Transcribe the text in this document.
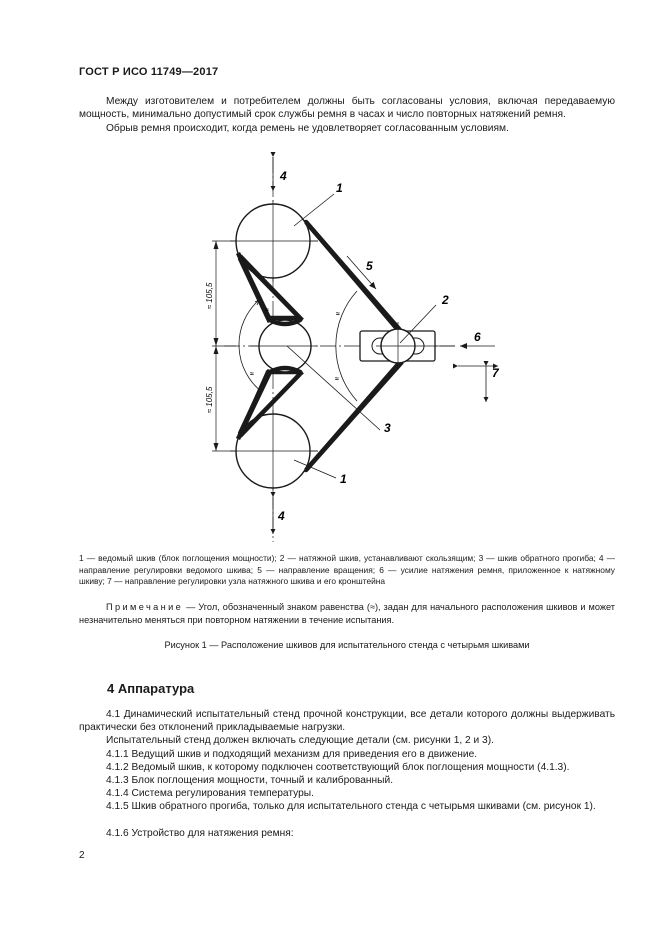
ГОСТ Р ИСО 11749—2017
Между изготовителем и потребителем должны быть согласованы условия, включая передаваемую мощность, минимально допустимый срок службы ремня в часах и число повторных натяжений ремня.
Обрыв ремня происходит, когда ремень не удовлетворяет согласованным условиям.
≈ 105,5
≈ 105,5
4
1
5
2
6
7
3
1
4
≈
≈
≈
≈
1 — ведомый шкив (блок поглощения мощности); 2 — натяжной шкив, устанавливают скользящим; 3 — шкив обратного прогиба; 4 — направление регулировки ведомого шкива; 5 — направление вращения; 6 — усилие натяжения ремня, приложенное к натяжному шкиву; 7 — направление регулировки узла натяжного шкива и его кронштейна
Примечание — Угол, обозначенный знаком равенства (≈), задан для начального расположения шкивов и может незначительно меняться при повторном натяжении в течение испытания.
Рисунок 1 — Расположение шкивов для испытательного стенда с четырьмя шкивами
4 Аппаратура
4.1 Динамический испытательный стенд прочной конструкции, все детали которого должны выдерживать практически без отклонений прикладываемые нагрузки.
Испытательный стенд должен включать следующие детали (см. рисунки 1, 2 и 3).
4.1.1 Ведущий шкив и подходящий механизм для приведения его в движение.
4.1.2 Ведомый шкив, к которому подключен соответствующий блок поглощения мощности (4.1.3).
4.1.3 Блок поглощения мощности, точный и калиброванный.
4.1.4 Система регулирования температуры.
4.1.5 Шкив обратного прогиба, только для испытательного стенда с четырьмя шкивами (см. рисунок 1).
4.1.6 Устройство для натяжения ремня:
2
